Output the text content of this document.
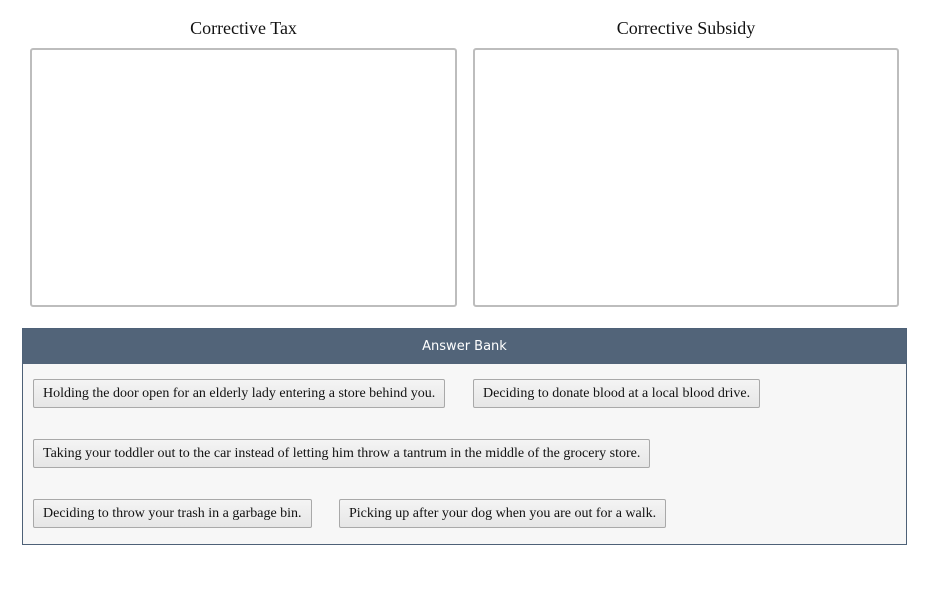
Corrective Tax	Corrective Subsidy
Answer Bank
Holding the door open for an elderly lady entering a store behind you.	Deciding to donate blood at a local blood drive.
Taking your toddler out to the car instead of letting him throw a tantrum in the middle of the grocery store.
Deciding to throw your trash in a garbage bin.	Picking up after your dog when you are out for a walk.
